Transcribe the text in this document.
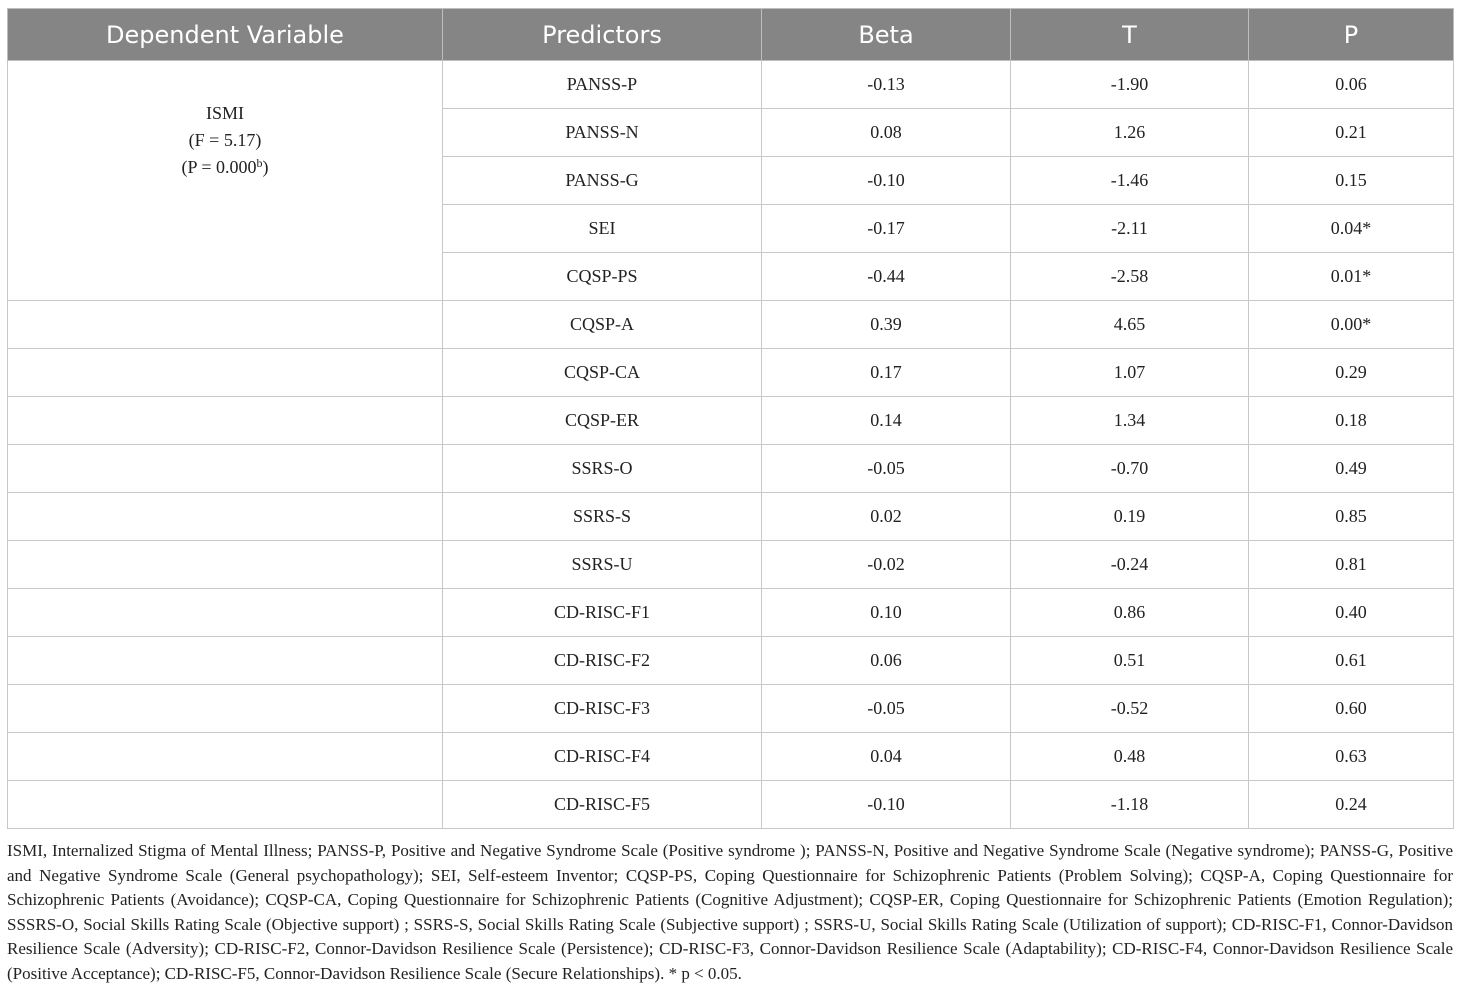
Dependent Variable	Predictors	Beta	T	P

ISMI
(F = 5.17)
(P = 0.000$^b$)	PANSS-P	-0.13	-1.90	0.06
	PANSS-N	0.08	1.26	0.21
	PANSS-G	-0.10	-1.46	0.15
	SEI	-0.17	-2.11	0.04*
	CQSP-PS	-0.44	-2.58	0.01*
	CQSP-A	0.39	4.65	0.00*
	CQSP-CA	0.17	1.07	0.29
	CQSP-ER	0.14	1.34	0.18
	SSRS-O	-0.05	-0.70	0.49
	SSRS-S	0.02	0.19	0.85
	SSRS-U	-0.02	-0.24	0.81
	CD-RISC-F1	0.10	0.86	0.40
	CD-RISC-F2	0.06	0.51	0.61
	CD-RISC-F3	-0.05	-0.52	0.60
	CD-RISC-F4	0.04	0.48	0.63
	CD-RISC-F5	-0.10	-1.18	0.24

ISMI, Internalized Stigma of Mental Illness; PANSS-P, Positive and Negative Syndrome Scale (Positive syndrome ); PANSS-N, Positive and Negative Syndrome Scale (Negative syndrome); PANSS-G, Positive and Negative Syndrome Scale (General psychopathology); SEI, Self-esteem Inventor; CQSP-PS, Coping Questionnaire for Schizophrenic Patients (Problem Solving); CQSP-A, Coping Questionnaire for Schizophrenic Patients (Avoidance); CQSP-CA, Coping Questionnaire for Schizophrenic Patients (Cognitive Adjustment); CQSP-ER, Coping Questionnaire for Schizophrenic Patients (Emotion Regulation); SSSRS-O, Social Skills Rating Scale (Objective support) ; SSRS-S, Social Skills Rating Scale (Subjective support) ; SSRS-U, Social Skills Rating Scale (Utilization of support); CD-RISC-F1, Connor-Davidson Resilience Scale (Adversity); CD-RISC-F2, Connor-Davidson Resilience Scale (Persistence); CD-RISC-F3, Connor-Davidson Resilience Scale (Adaptability); CD-RISC-F4, Connor-Davidson Resilience Scale (Positive Acceptance); CD-RISC-F5, Connor-Davidson Resilience Scale (Secure Relationships). * p < 0.05.
